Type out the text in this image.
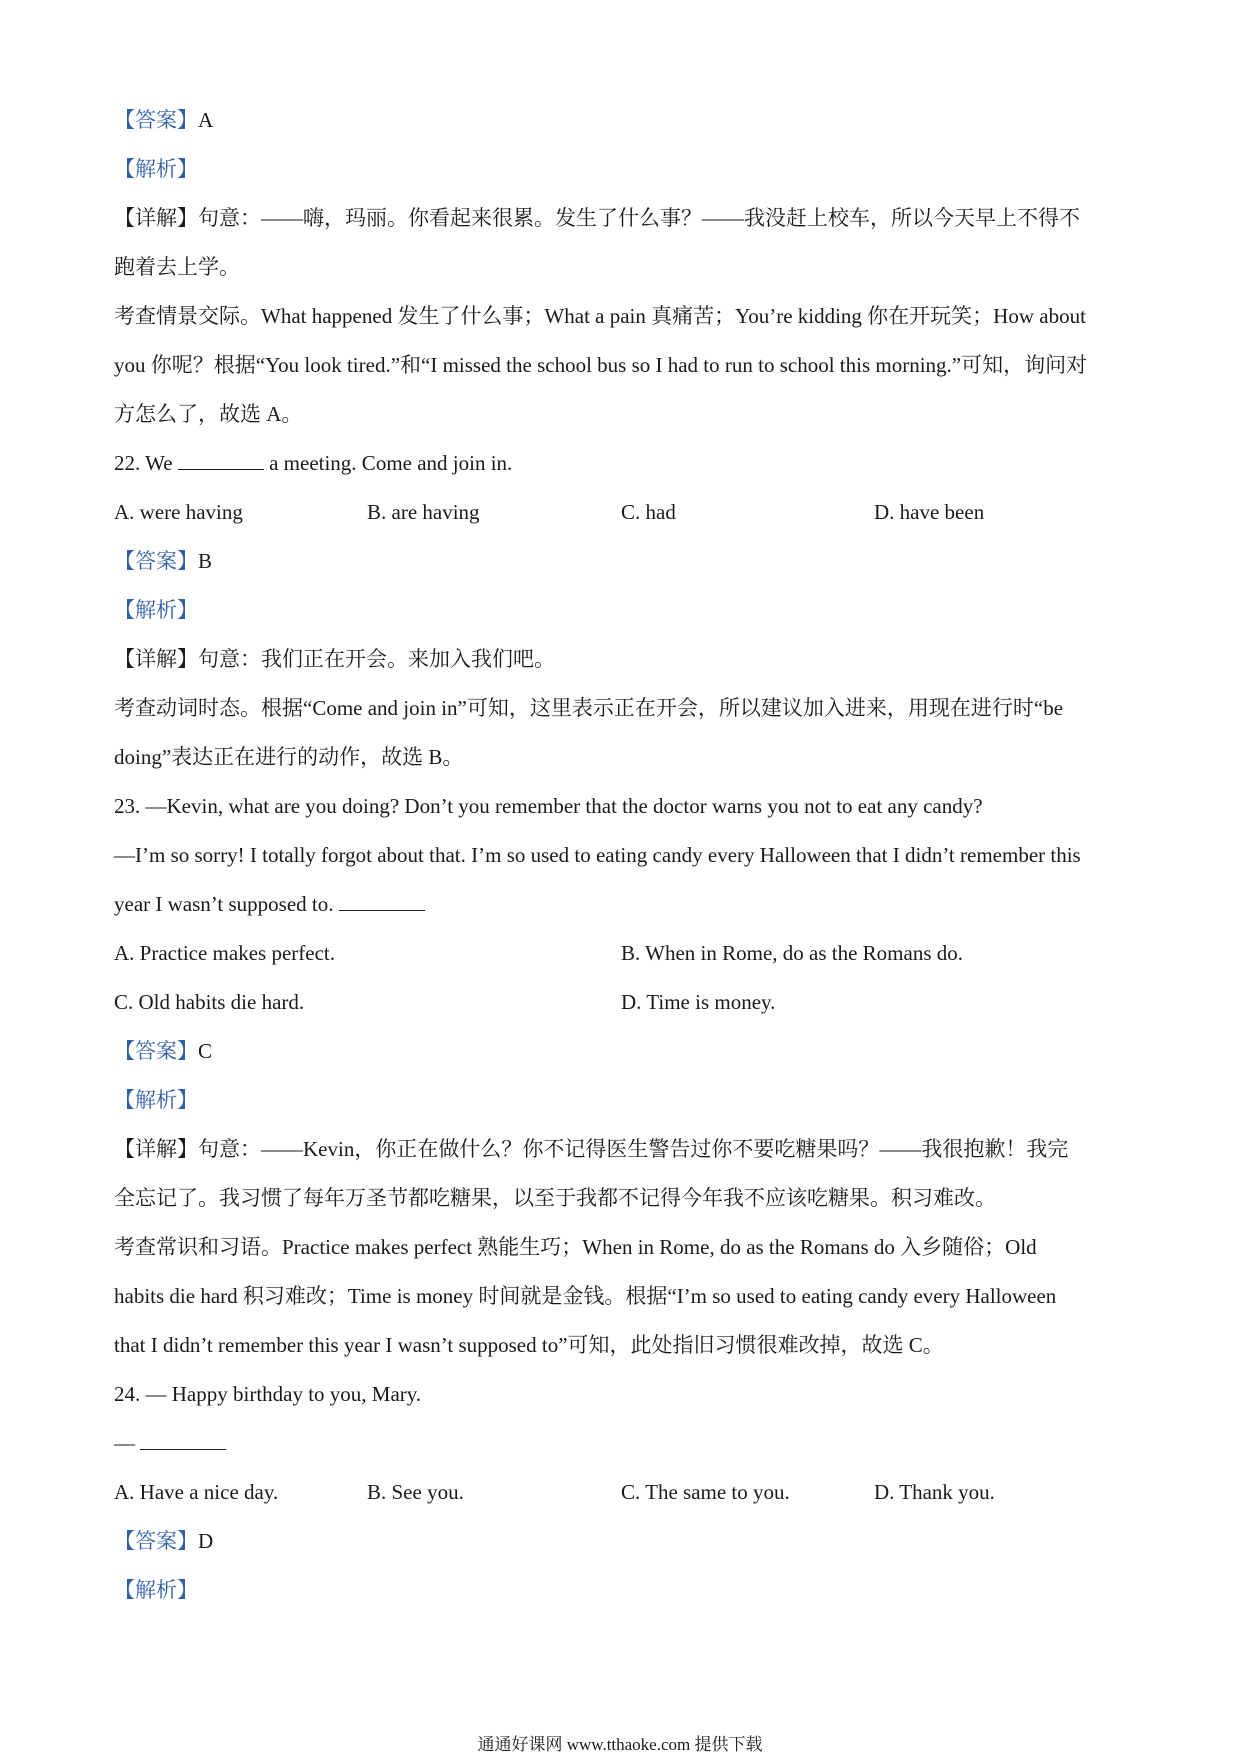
【答案】A
【解析】
【详解】句意：——嗨，玛丽。你看起来很累。发生了什么事？——我没赶上校车，所以今天早上不得不
跑着去上学。
考查情景交际。What happened 发生了什么事；What a pain 真痛苦；You’re kidding 你在开玩笑；How about
you 你呢？根据“You look tired.”和“I missed the school bus so I had to run to school this morning.”可知，询问对
方怎么了，故选 A。
22. We	a meeting. Come and join in.
A. were having	B. are having	C. had	D. have been
【答案】B
【解析】
【详解】句意：我们正在开会。来加入我们吧。
考查动词时态。根据“Come and join in”可知，这里表示正在开会，所以建议加入进来，用现在进行时“be
doing”表达正在进行的动作，故选 B。
23. —Kevin, what are you doing? Don’t you remember that the doctor warns you not to eat any candy?
—I’m so sorry! I totally forgot about that. I’m so used to eating candy every Halloween that I didn’t remember this
year I wasn’t supposed to.
A. Practice makes perfect.	B. When in Rome, do as the Romans do.
C. Old habits die hard.	D. Time is money.
【答案】C
【解析】
【详解】句意：——Kevin，你正在做什么？你不记得医生警告过你不要吃糖果吗？——我很抱歉！我完
全忘记了。我习惯了每年万圣节都吃糖果，以至于我都不记得今年我不应该吃糖果。积习难改。
考查常识和习语。Practice makes perfect 熟能生巧；When in Rome, do as the Romans do 入乡随俗；Old
habits die hard 积习难改；Time is money 时间就是金钱。根据“I’m so used to eating candy every Halloween
that I didn’t remember this year I wasn’t supposed to”可知，此处指旧习惯很难改掉，故选 C。
24. — Happy birthday to you, Mary.
—
A. Have a nice day.	B. See you.	C. The same to you.	D. Thank you.
【答案】D
【解析】
通通好课网 www.tthaoke.com 提供下载
